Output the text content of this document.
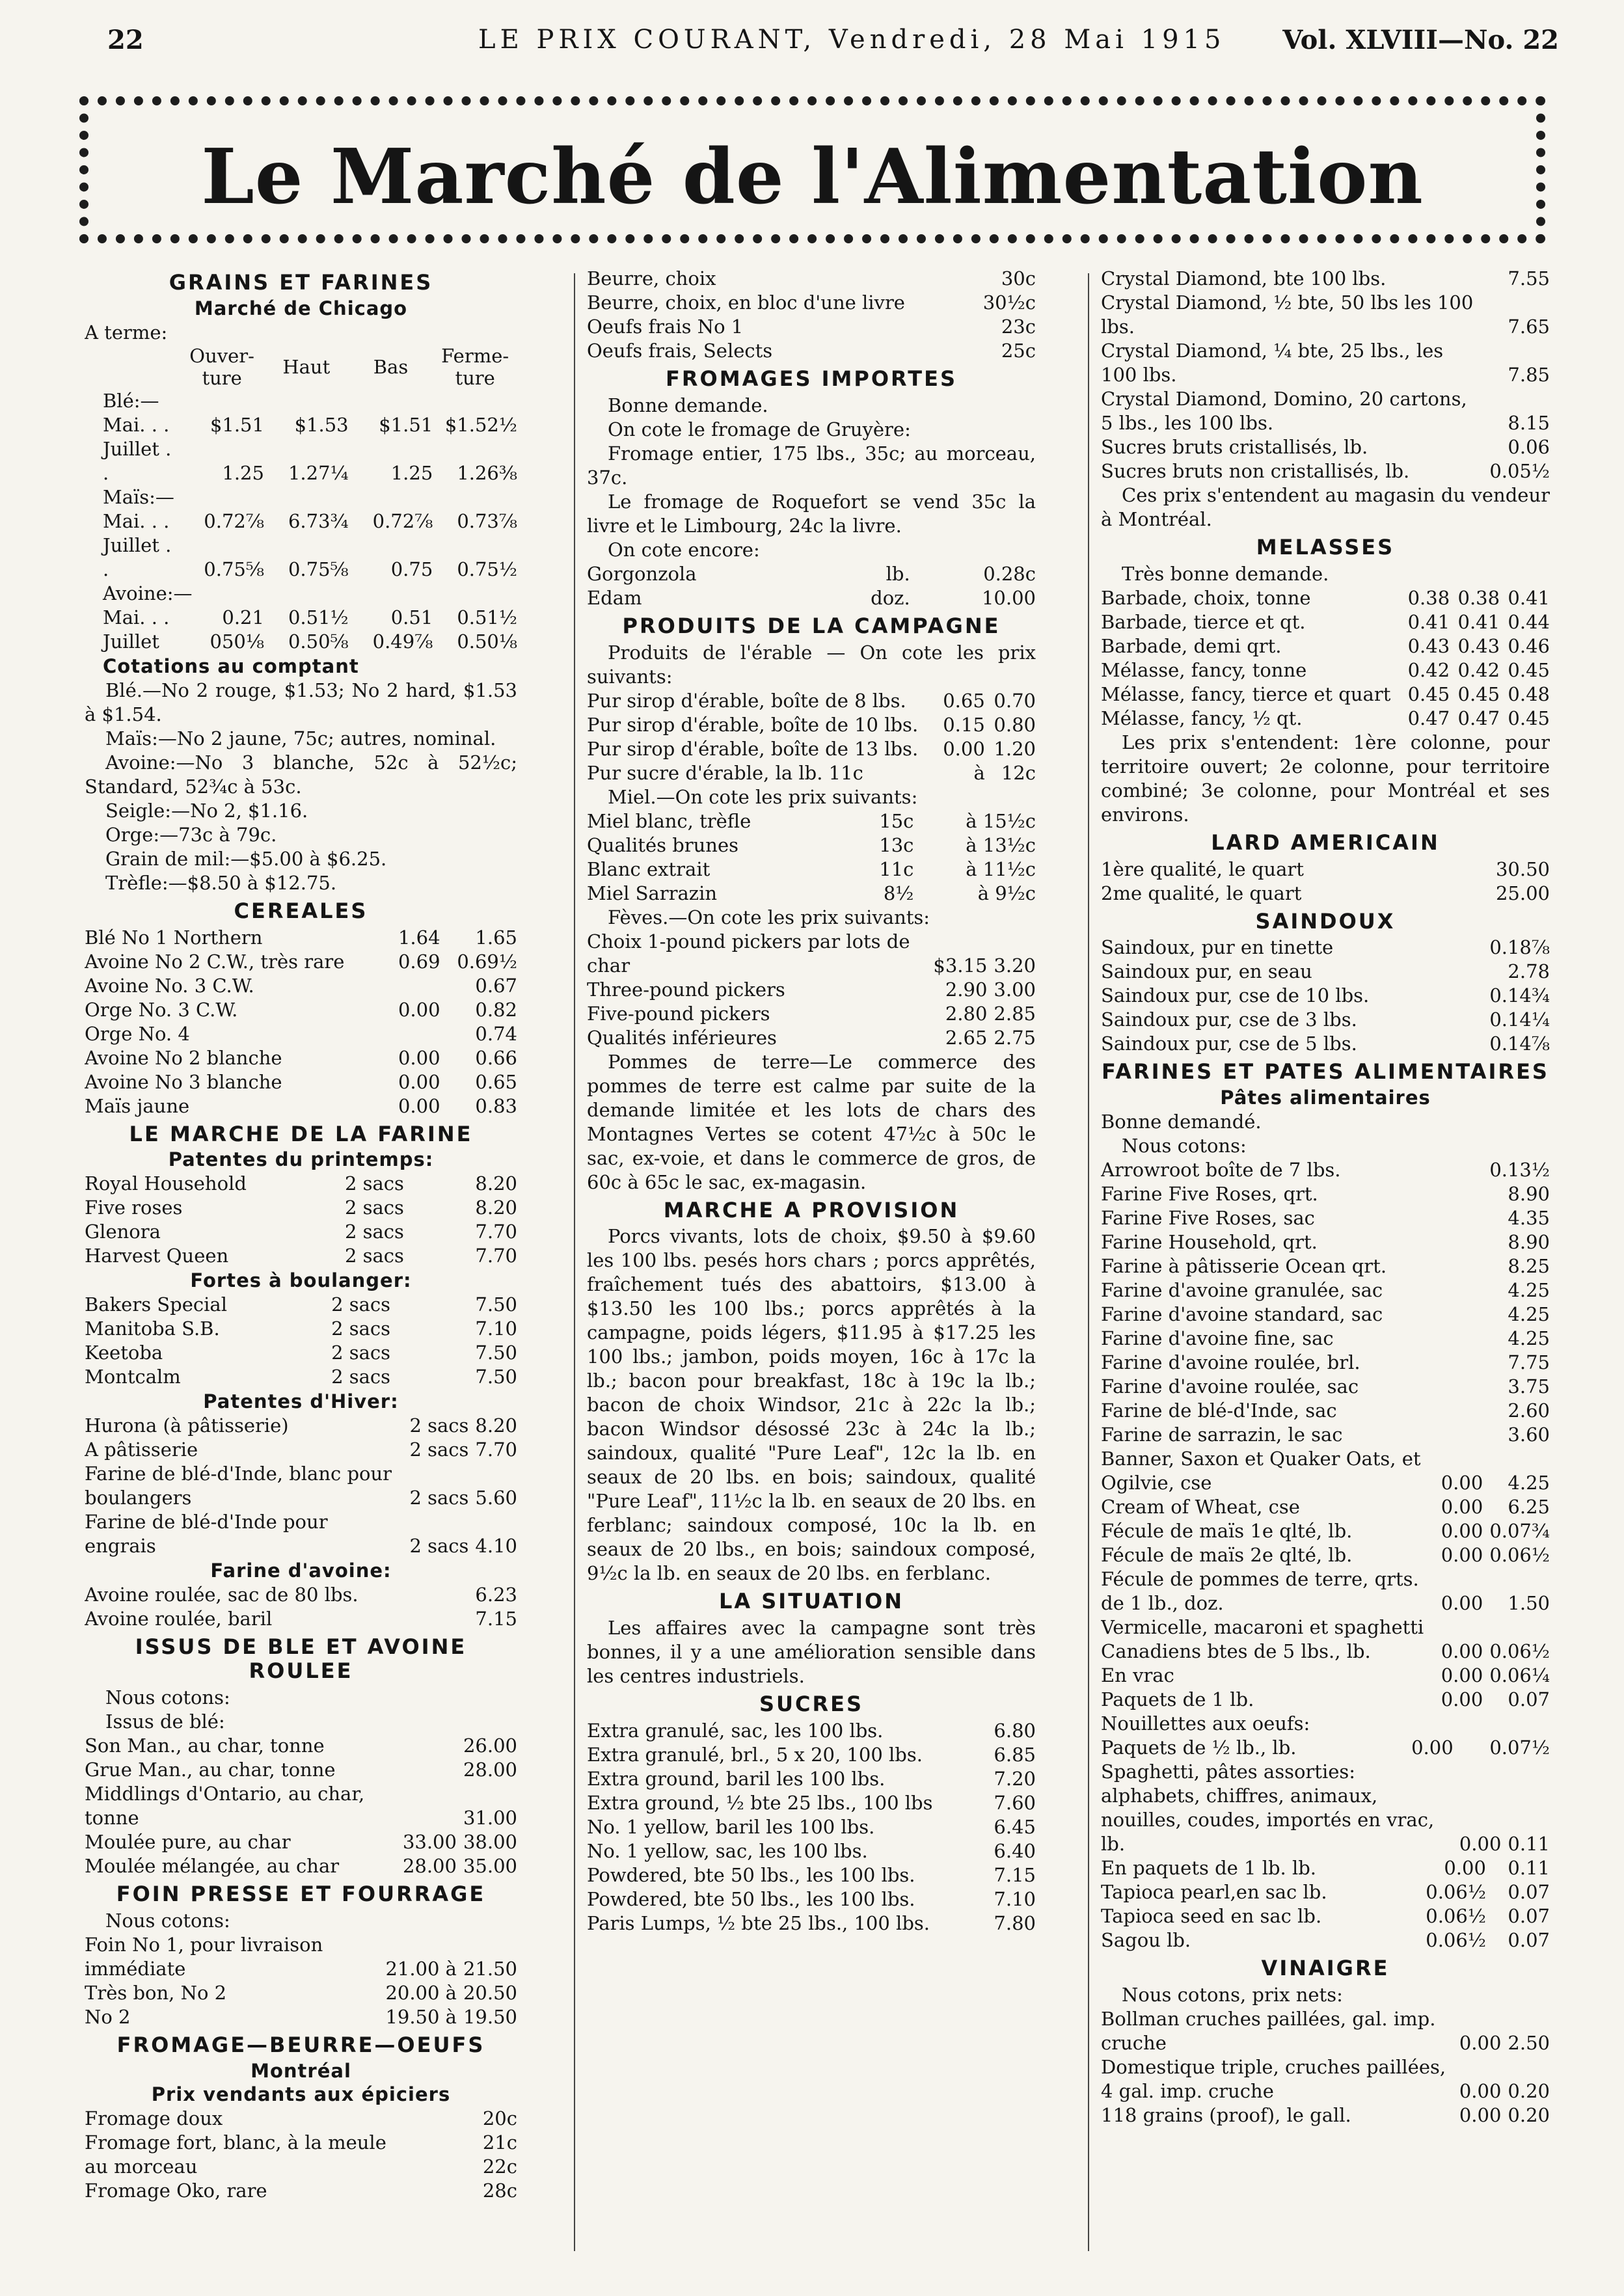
22	LE PRIX COURANT, Vendredi, 28 Mai 1915 Vol. XLVIII—No. 22
Le Marché de l'Alimentation
GRAINS ET FARINES
Marché de Chicago

A terme:

	Ouver-
ture	Haut	Bas	Ferme-
ture
Blé:—				
Mai. . .	$1.51	$1.53	$1.51	$1.52½
Juillet . .	1.25	1.27¼	1.25	1.26⅜
Maïs:—				
Mai. . .	0.72⅞	6.73¾	0.72⅞	0.73⅞
Juillet . .	0.75⅝	0.75⅝	0.75	0.75½
Avoine:—				
Mai. . .	0.21	0.51½	0.51	0.51½
Juillet	050⅛	0.50⅝	0.49⅞	0.50⅛
Cotations au comptant

Blé.—No 2 rouge, $1.53; No 2 hard, $1.53 à $1.54.

Maïs:—No 2 jaune, 75c; autres, nominal.

Avoine:—No 3 blanche, 52c à 52½c; Standard, 52¾c à 53c.

Seigle:—No 2, $1.16.

Orge:—73c à 79c.

Grain de mil:—$5.00 à $6.25.

Trèfle:—$8.50 à $12.75.

CEREALES
Blé No 1 Northern	1.64	1.65
Avoine No 2 C.W., très rare	0.69	0.69½
Avoine No. 3 C.W.		0.67
Orge No. 3 C.W.	0.00	0.82
Orge No. 4		0.74
Avoine No 2 blanche	0.00	0.66
Avoine No 3 blanche	0.00	0.65
Maïs jaune	0.00	0.83
LE MARCHE DE LA FARINE
Patentes du printemps:
Royal Household	2 sacs	8.20
Five roses	2 sacs	8.20
Glenora	2 sacs	7.70
Harvest Queen	2 sacs	7.70
Fortes à boulanger:
Bakers Special	2 sacs	7.50
Manitoba S.B.	2 sacs	7.10
Keetoba	2 sacs	7.50
Montcalm	2 sacs	7.50
Patentes d'Hiver:
Hurona (à pâtisserie)	2 sacs	8.20
A pâtisserie	2 sacs	7.70
Farine de blé-d'Inde, blanc pour boulangers	2 sacs	5.60
Farine de blé-d'Inde pour engrais	2 sacs	4.10
Farine d'avoine:
Avoine roulée, sac de 80 lbs.		6.23
Avoine roulée, baril		7.15
ISSUS DE BLE ET AVOINE ROULEE

Nous cotons:

Issus de blé:

Son Man., au char, tonne		26.00
Grue Man., au char, tonne		28.00
Middlings d'Ontario, au char, tonne		31.00
Moulée pure, au char	33.00	38.00
Moulée mélangée, au char	28.00	35.00
FOIN PRESSE ET FOURRAGE

Nous cotons:

Foin No 1, pour livraison immédiate	21.00 à	21.50
Très bon, No 2	20.00 à	20.50
No 2	19.50 à	19.50
FROMAGE—BEURRE—OEUFS
Montréal
Prix vendants aux épiciers
Fromage doux	20c
Fromage fort, blanc, à la meule	21c
au morceau	22c
Fromage Oko, rare	28c
Beurre, choix	30c
Beurre, choix, en bloc d'une livre	30½c
Oeufs frais No 1	23c
Oeufs frais, Selects	25c
FROMAGES IMPORTES

Bonne demande.

On cote le fromage de Gruyère:

Fromage entier, 175 lbs., 35c; au morceau, 37c.

Le fromage de Roquefort se vend 35c la livre et le Limbourg, 24c la livre.

On cote encore:

Gorgonzola	lb.	0.28c
Edam	doz.	10.00
PRODUITS DE LA CAMPAGNE

Produits de l'érable — On cote les prix suivants:

Pur sirop d'érable, boîte de 8 lbs.	0.65	0.70
Pur sirop d'érable, boîte de 10 lbs.	0.15	0.80
Pur sirop d'érable, boîte de 13 lbs.	0.00	1.20
Pur sucre d'érable, la lb. 11c	à	12c

Miel.—On cote les prix suivants:

Miel blanc, trèfle	15c	à 15½c
Qualités brunes	13c	à 13½c
Blanc extrait	11c	à 11½c
Miel Sarrazin	8½	à 9½c

Fèves.—On cote les prix suivants:

Choix 1-pound pickers par lots de char	$3.15	3.20
Three-pound pickers	2.90	3.00
Five-pound pickers	2.80	2.85
Qualités inférieures	2.65	2.75

Pommes de terre—Le commerce des pommes de terre est calme par suite de la demande limitée et les lots de chars des Montagnes Vertes se cotent 47½c à 50c le sac, ex-voie, et dans le commerce de gros, de 60c à 65c le sac, ex-magasin.

MARCHE A PROVISION

Porcs vivants, lots de choix, $9.50 à $9.60 les 100 lbs. pesés hors chars ; porcs apprêtés, fraîchement tués des abattoirs, $13.00 à $13.50 les 100 lbs.; porcs apprêtés à la campagne, poids légers, $11.95 à $17.25 les 100 lbs.; jambon, poids moyen, 16c à 17c la lb.; bacon pour breakfast, 18c à 19c la lb.; bacon de choix Windsor, 21c à 22c la lb.; bacon Windsor désossé 23c à 24c la lb.; saindoux, qualité "Pure Leaf", 12c la lb. en seaux de 20 lbs. en bois; saindoux, qualité "Pure Leaf", 11½c la lb. en seaux de 20 lbs. en ferblanc; saindoux composé, 10c la lb. en seaux de 20 lbs., en bois; saindoux composé, 9½c la lb. en seaux de 20 lbs. en ferblanc.

LA SITUATION

Les affaires avec la campagne sont très bonnes, il y a une amélioration sensible dans les centres industriels.

SUCRES
Extra granulé, sac, les 100 lbs.	6.80
Extra granulé, brl., 5 x 20, 100 lbs.	6.85
Extra ground, baril les 100 lbs.	7.20
Extra ground, ½ bte 25 lbs., 100 lbs	7.60
No. 1 yellow, baril les 100 lbs.	6.45
No. 1 yellow, sac, les 100 lbs.	6.40
Powdered, bte 50 lbs., les 100 lbs.	7.15
Powdered, bte 50 lbs., les 100 lbs.	7.10
Paris Lumps, ½ bte 25 lbs., 100 lbs.	7.80
Crystal Diamond, bte 100 lbs.	7.55
Crystal Diamond, ½ bte, 50 lbs les 100 lbs.	7.65
Crystal Diamond, ¼ bte, 25 lbs., les 100 lbs.	7.85
Crystal Diamond, Domino, 20 cartons, 5 lbs., les 100 lbs.	8.15
Sucres bruts cristallisés, lb.	0.06
Sucres bruts non cristallisés, lb.	0.05½

Ces prix s'entendent au magasin du vendeur à Montréal.

MELASSES

Très bonne demande.

Barbade, choix, tonne	0.38	0.38	0.41
Barbade, tierce et qt.	0.41	0.41	0.44
Barbade, demi qrt.	0.43	0.43	0.46
Mélasse, fancy, tonne	0.42	0.42	0.45
Mélasse, fancy, tierce et quart	0.45	0.45	0.48
Mélasse, fancy, ½ qt.	0.47	0.47	0.45

Les prix s'entendent: 1ère colonne, pour territoire ouvert; 2e colonne, pour territoire combiné; 3e colonne, pour Montréal et ses environs.

LARD AMERICAIN
1ère qualité, le quart	30.50
2me qualité, le quart	25.00
SAINDOUX
Saindoux, pur en tinette	0.18⅞
Saindoux pur, en seau	2.78
Saindoux pur, cse de 10 lbs.	0.14¾
Saindoux pur, cse de 3 lbs.	0.14¼
Saindoux pur, cse de 5 lbs.	0.14⅞
FARINES ET PATES ALIMENTAIRES
Pâtes alimentaires

Bonne demandé.

Nous cotons:

Arrowroot boîte de 7 lbs.		0.13½
Farine Five Roses, qrt.		8.90
Farine Five Roses, sac		4.35
Farine Household, qrt.		8.90
Farine à pâtisserie Ocean qrt.		8.25
Farine d'avoine granulée, sac		4.25
Farine d'avoine standard, sac		4.25
Farine d'avoine fine, sac		4.25
Farine d'avoine roulée, brl.		7.75
Farine d'avoine roulée, sac		3.75
Farine de blé-d'Inde, sac		2.60
Farine de sarrazin, le sac		3.60
Banner, Saxon et Quaker Oats, et Ogilvie, cse	0.00	4.25
Cream of Wheat, cse	0.00	6.25
Fécule de maïs 1e qlté, lb.	0.00	0.07¾
Fécule de maïs 2e qlté, lb.	0.00	0.06½
Fécule de pommes de terre, qrts. de 1 lb., doz.	0.00	1.50
Vermicelle, macaroni et spaghetti Canadiens btes de 5 lbs., lb.	0.00	0.06½
En vrac	0.00	0.06¼
Paquets de 1 lb.	0.00	0.07

Nouillettes aux oeufs:

Paquets de ½ lb., lb.	0.00	0.07½
Spaghetti, pâtes assorties: alphabets, chiffres, animaux, nouilles, coudes, importés en vrac, lb.	0.00	0.11
En paquets de 1 lb. lb.	0.00	0.11
Tapioca pearl,en sac lb.	0.06½	0.07
Tapioca seed en sac lb.	0.06½	0.07
Sagou lb.	0.06½	0.07
VINAIGRE

Nous cotons, prix nets:

Bollman cruches paillées, gal. imp. cruche	0.00	2.50
Domestique triple, cruches paillées, 4 gal. imp. cruche	0.00	0.20
118 grains (proof), le gall.	0.00	0.20
